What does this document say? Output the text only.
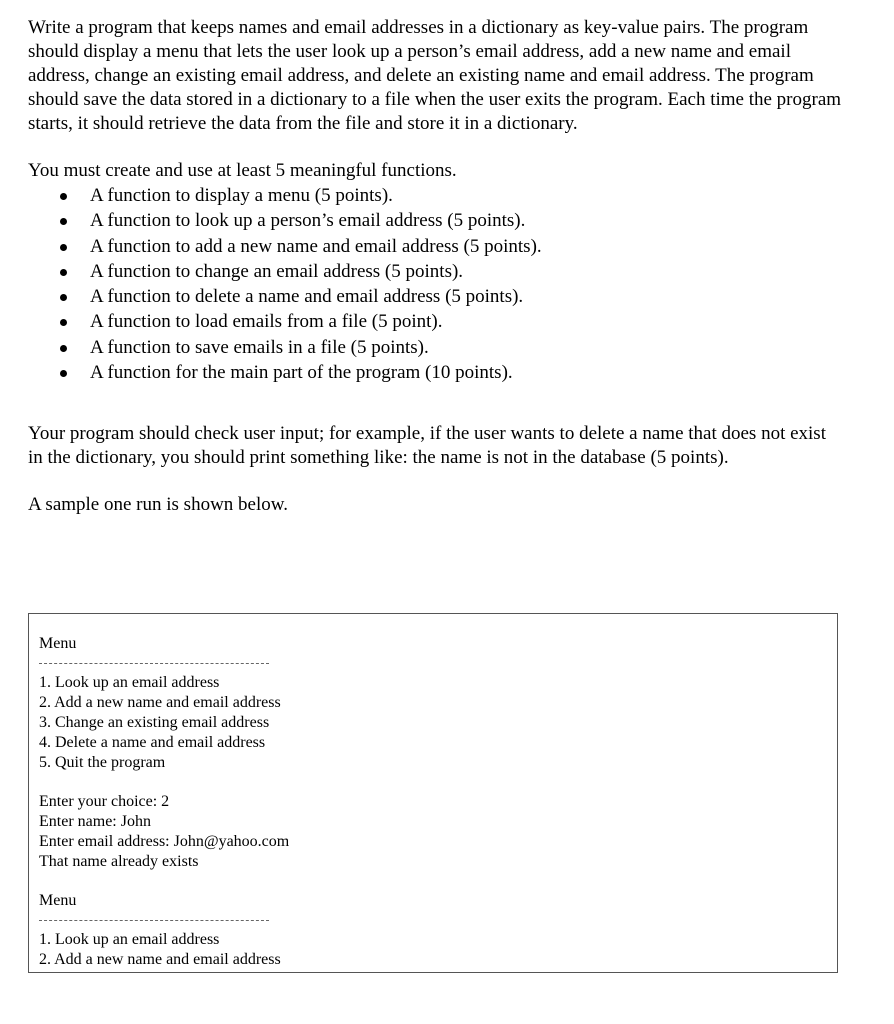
Write a program that keeps names and email addresses in a dictionary as key-value pairs. The program should display a menu that lets the user look up a person’s email address, add a new name and email address, change an existing email address, and delete an existing name and email address. The program should save the data stored in a dictionary to a file when the user exits the program. Each time the program starts, it should retrieve the data from the file and store it in a dictionary.

You must create and use at least 5 meaningful functions.

A function to display a menu (5 points).
A function to look up a person’s email address (5 points).
A function to add a new name and email address (5 points).
A function to change an email address (5 points).
A function to delete a name and email address (5 points).
A function to load emails from a file (5 point).
A function to save emails in a file (5 points).
A function for the main part of the program (10 points).

Your program should check user input; for example, if the user wants to delete a name that does not exist in the dictionary, you should print something like: the name is not in the database (5 points).

A sample one run is shown below.

Menu
1. Look up an email address
2. Add a new name and email address
3. Change an existing email address
4. Delete a name and email address
5. Quit the program
Enter your choice: 2
Enter name: John
Enter email address: John@yahoo.com
That name already exists
Menu
1. Look up an email address
2. Add a new name and email address
